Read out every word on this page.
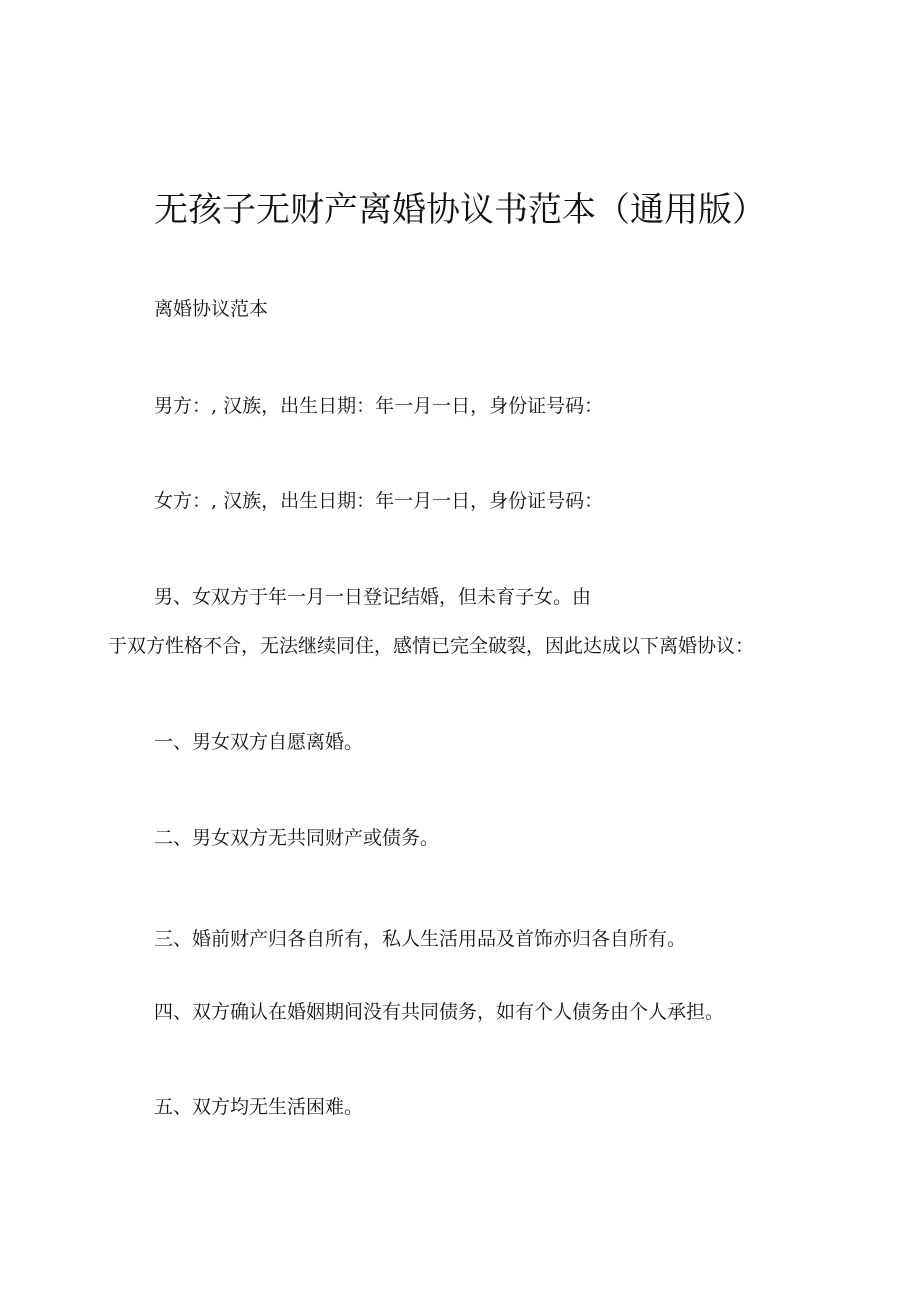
无孩子无财产离婚协议书范本（通用版）
离婚协议范本
男方：, 汉族，出生日期：年一月一日，身份证号码：
女方：, 汉族，出生日期：年一月一日，身份证号码：
男、女双方于年一月一日登记结婚，但未育子女。由
于双方性格不合，无法继续同住，感情已完全破裂，因此达成以下离婚协议：
一、男女双方自愿离婚。
二、男女双方无共同财产或债务。
三、婚前财产归各自所有，私人生活用品及首饰亦归各自所有。
四、双方确认在婚姻期间没有共同债务，如有个人债务由个人承担。
五、双方均无生活困难。
